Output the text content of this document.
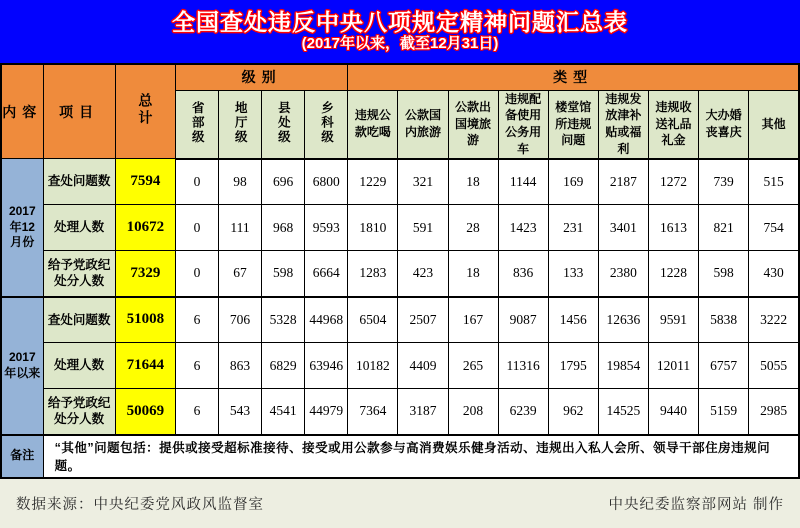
全国查处违反中央八项规定精神问题汇总表
(2017年以来，截至12月31日)
内容	项目	总计	级别				类型								
			省部级	地厅级	县处级	乡科级	违规公款吃喝	公款国内旅游	公款出国境旅游	违规配备使用公务用车	楼堂馆所违规问题	违规发放津补贴或福利	违规收送礼品礼金	大办婚丧喜庆	其他
2017年12月份	查处问题数	7594	0	98	696	6800	1229	321	18	1144	169	2187	1272	739	515
	处理人数	10672	0	111	968	9593	1810	591	28	1423	231	3401	1613	821	754
	给予党政纪处分人数	7329	0	67	598	6664	1283	423	18	836	133	2380	1228	598	430
2017年以来	查处问题数	51008	6	706	5328	44968	6504	2507	167	9087	1456	12636	9591	5838	3222
	处理人数	71644	6	863	6829	63946	10182	4409	265	11316	1795	19854	12011	6757	5055
	给予党政纪处分人数	50069	6	543	4541	44979	7364	3187	208	6239	962	14525	9440	5159	2985
备注	“其他”问题包括：提供或接受超标准接待、接受或用公款参与高消费娱乐健身活动、违规出入私人会所、领导干部住房违规问题。														
数据来源：中央纪委党风政风监督室	中央纪委监察部网站 制作
